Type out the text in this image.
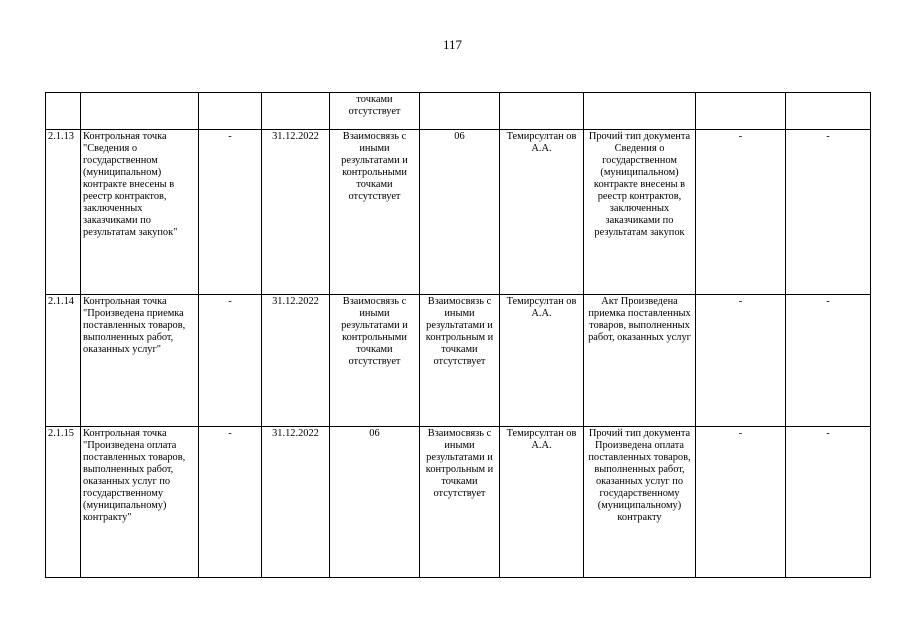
117
				точками отсутствует					
2.1.13	Контрольная точка "Сведения о государственном (муниципальном) контракте внесены в реестр контрактов, заключенных заказчиками по результатам закупок"	-	31.12.2022	Взаимосвязь с иными результатами и контрольными точками отсутствует	06	Темирсултан ов А.А.	Прочий тип документа Сведения о государственном (муниципальном) контракте внесены в реестр контрактов, заключенных заказчиками по результатам закупок	-	-
2.1.14	Контрольная точка "Произведена приемка поставленных товаров, выполненных работ, оказанных услуг"	-	31.12.2022	Взаимосвязь с иными результатами и контрольными точками отсутствует	Взаимосвязь с иными результатами и контрольным и точками отсутствует	Темирсултан ов А.А.	Акт Произведена приемка поставленных товаров, выполненных работ, оказанных услуг	-	-
2.1.15	Контрольная точка "Произведена оплата поставленных товаров, выполненных работ, оказанных услуг по государственному (муниципальному) контракту"	-	31.12.2022	06	Взаимосвязь с иными результатами и контрольным и точками отсутствует	Темирсултан ов А.А.	Прочий тип документа Произведена оплата поставленных товаров, выполненных работ, оказанных услуг по государственному (муниципальному) контракту	-	-
